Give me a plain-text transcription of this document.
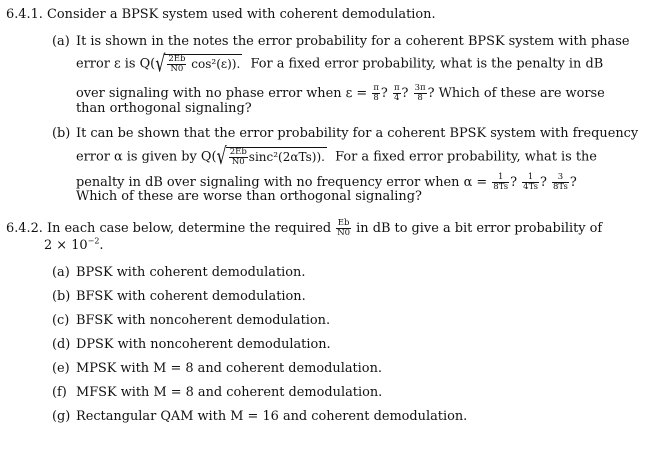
6.4.1. Consider a BPSK system used with coherent demodulation.
(a) It is shown in the notes the error probability for a coherent BPSK system with phase
error ε is $Q(√ \frac{2Eb}{N0} \cos^2(\varepsilon))$. For a fixed error probability, what is the penalty in dB
over signaling with no phase error when $\varepsilon = \frac{\pi}{8}$ ? $\frac{\pi}{4}$ ? $\frac{3\pi}{8}$ ? Which of these are worse
than orthogonal signaling?
(b) It can be shown that the error probability for a coherent BPSK system with frequency
error α is given by $Q(√ \frac{2Eb}{N0} \sin c^2(2\alpha Ts))$. For a fixed error probability, what is the
penalty in dB over signaling with no frequency error when $\alpha = \frac{1}{8Ts}$ ? $\frac{1}{4Ts}$ ? $\frac{3}{8Ts}$ ?
Which of these are worse than orthogonal signaling?
6.4.2. In each case below, determine the required $\frac{Eb}{N0}$ in dB to give a bit error probability of
$2 \times 10^{-2}$.
(a) BPSK with coherent demodulation.
(b) BFSK with coherent demodulation.
(c) BFSK with noncoherent demodulation.
(d) DPSK with noncoherent demodulation.
(e) MPSK with M = 8 and coherent demodulation.
(f) MFSK with M = 8 and coherent demodulation.
(g) Rectangular QAM with M = 16 and coherent demodulation.
